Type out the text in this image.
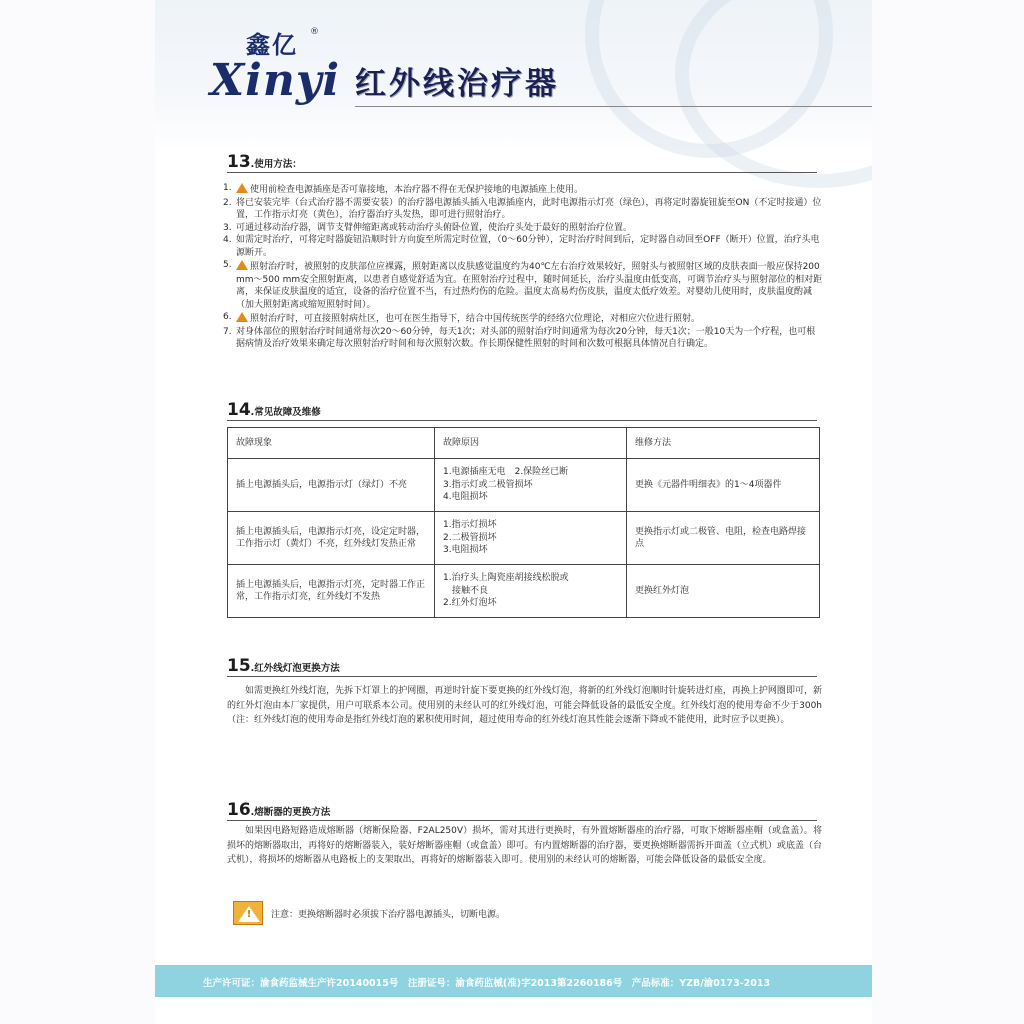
鑫亿 ®
Xinyi 红外线治疗器
13.使用方法：
1.	使用前检查电源插座是否可靠接地，本治疗器不得在无保护接地的电源插座上使用。
2. 将已安装完毕（台式治疗器不需要安装）的治疗器电源插头插入电源插座内，此时电源指示灯亮（绿色），再将定时器旋钮旋至ON（不定时接通）位置，工作指示灯亮（黄色），治疗器治疗头发热，即可进行照射治疗。
3. 可通过移动治疗器，调节支臂伸缩距离或转动治疗头俯卧位置，使治疗头处于最好的照射治疗位置。
4. 如需定时治疗，可将定时器旋钮沿顺时针方向旋至所需定时位置，（0～60分钟），定时治疗时间到后，定时器自动回至OFF（断开）位置，治疗头电源断开。
5.	照射治疗时，被照射的皮肤部位应裸露，照射距离以皮肤感觉温度约为40℃左右治疗效果较好，照射头与被照射区域的皮肤表面一般应保持200 mm～500 mm安全照射距离，以患者自感觉舒适为宜。在照射治疗过程中，随时间延长，治疗头温度由低变高，可调节治疗头与照射部位的相对距离，来保证皮肤温度的适宜，设备的治疗位置不当，有过热灼伤的危险。温度太高易灼伤皮肤，温度太低疗效差。对婴幼儿使用时，皮肤温度酌减（加大照射距离或缩短照射时间）。
6.	照射治疗时，可直接照射病灶区，也可在医生指导下，结合中国传统医学的经络穴位理论，对相应穴位进行照射。
7. 对身体部位的照射治疗时间通常每次20～60分钟，每天1次；对头部的照射治疗时间通常为每次20分钟，每天1次；一般10天为一个疗程，也可根据病情及治疗效果来确定每次照射治疗时间和每次照射次数。作长期保健性照射的时间和次数可根据具体情况自行确定。
14.常见故障及维修
故障现象	故障原因	维修方法
插上电源插头后，电源指示灯（绿灯）不亮	1.电源插座无电　2.保险丝已断
3.指示灯或二极管损坏
4.电阻损坏	更换《元器件明细表》的1～4项器件
插上电源插头后，电源指示灯亮，设定定时器，工作指示灯（黄灯）不亮，红外线灯发热正常	1.指示灯损坏
2.二极管损坏
3.电阻损坏	更换指示灯或二极管、电阻，检查电路焊接点
插上电源插头后，电源指示灯亮，定时器工作正常，工作指示灯亮，红外线灯不发热	1.治疗头上陶瓷座胡接线松脱或
　接触不良
2.红外灯泡坏	更换红外灯泡
15.红外线灯泡更换方法
如需更换红外线灯泡，先拆下灯罩上的护网圈，再逆时针旋下要更换的红外线灯泡，将新的红外线灯泡顺时针旋转进灯座，再换上护网圈即可，新的红外灯泡由本厂家提供，用户可联系本公司。使用别的未经认可的红外线灯泡，可能会降低设备的最低安全度。红外线灯泡的使用寿命不少于300h（注：红外线灯泡的使用寿命是指红外线灯泡的累积使用时间，超过使用寿命的红外线灯泡其性能会逐渐下降或不能使用，此时应予以更换）。
16.熔断器的更换方法
如果因电路短路造成熔断器（熔断保险器、F2AL250V）损坏，需对其进行更换时，有外置熔断器座的治疗器，可取下熔断器座帽（或盒盖）。将损坏的熔断器取出，再将好的熔断器装入，装好熔断器座帽（或盒盖）即可。有内置熔断器的治疗器，要更换熔断器需拆开面盖（立式机）或底盖（台式机），将损坏的熔断器从电路板上的支架取出，再将好的熔断器装入即可。使用别的未经认可的熔断器，可能会降低设备的最低安全度。
!	注意：更换熔断器时必须拔下治疗器电源插头，切断电源。
生产许可证：渝食药监械生产许20140015号　注册证号：渝食药监械(准)字2013第2260186号　产品标准：YZB/渝0173-2013
